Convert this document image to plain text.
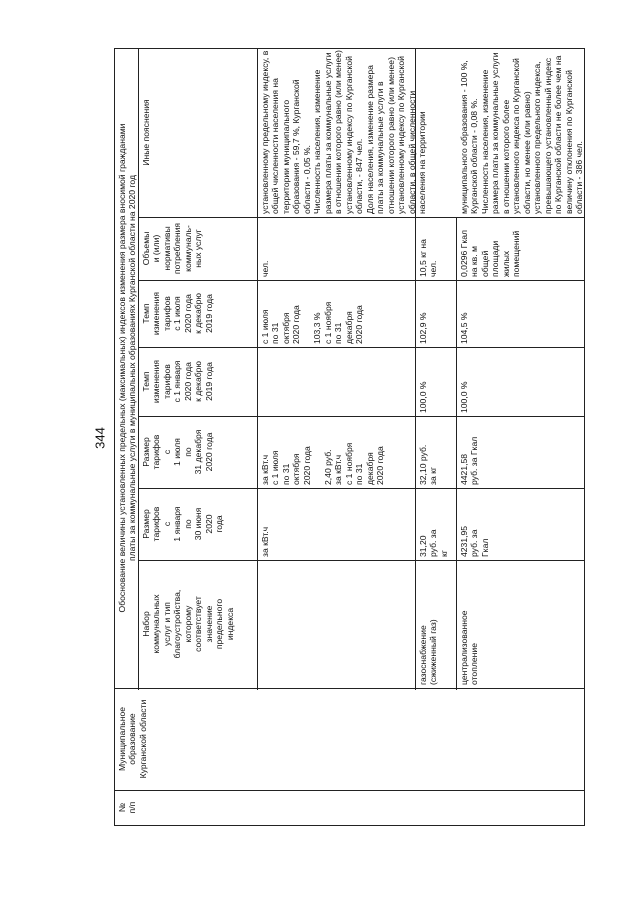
344
№ п/п
Муниципальное образование Курганской области
Обоснование величины установленных предельных (максимальных) индексов изменения размера вносимой гражданами платы за коммунальные услуги в муниципальных образованиях Курганской области на 2020 год
Набор коммунальных услуг и тип благоустройства, которому соответствует значение предельного индекса
Размер тарифов с 1 января по 30 июня 2020 года
Размер тарифов с 1 июля по 31 декабря 2020 года
Темп изменения тарифов с 1 января 2020 года к декабрю 2019 года
Темп изменения тарифов с 1 июля 2020 года к декабрю 2019 года
Объемы и (или) нормативы потребления коммуналь- ных услуг
Иные пояснения
за кВт.ч
за кВт.ч с 1 июля по 31 октября 2020 года
2,40 руб. за кВт.ч с 1 ноября по 31 декабря 2020 года
с 1 июля по 31 октября 2020 года
103,3 % с 1 ноября по 31 декабря 2020 года
чел.
установленному предельному индексу, в общей численности населения на территории муниципального образования - 59,7 %, Курганской области - 0,05 %. Численность населения, изменение размера платы за коммунальные услуги в отношении которого равно (или менее) установленному индексу по Курганской области, - 847 чел. Доля населения, изменение размера платы за коммунальные услуги в отношении которого равно (или менее) установленному индексу по Курганской области, в общей численности населения на территории
газоснабжение (сжиженный газ)
31,20 руб. за кг
32,10 руб. за кг
100,0 %
102,9 %
10,5 кг на чел.
централизованное отопление
4231,95 руб. за Гкал
4421,58 руб. за Гкал
100,0 %
104,5 %
0,0296 Гкал на кв. м общей площади жилых помещений
муниципального образования - 100 %, Курганской области - 0,08 %. Численность населения, изменение размера платы за коммунальные услуги в отношении которого более установленного индекса по Курганской области, но менее (или равно) установленного предельного индекса, превышающего установленный индекс по Курганской области не более чем на величину отклонения по Курганской области - 386 чел.
